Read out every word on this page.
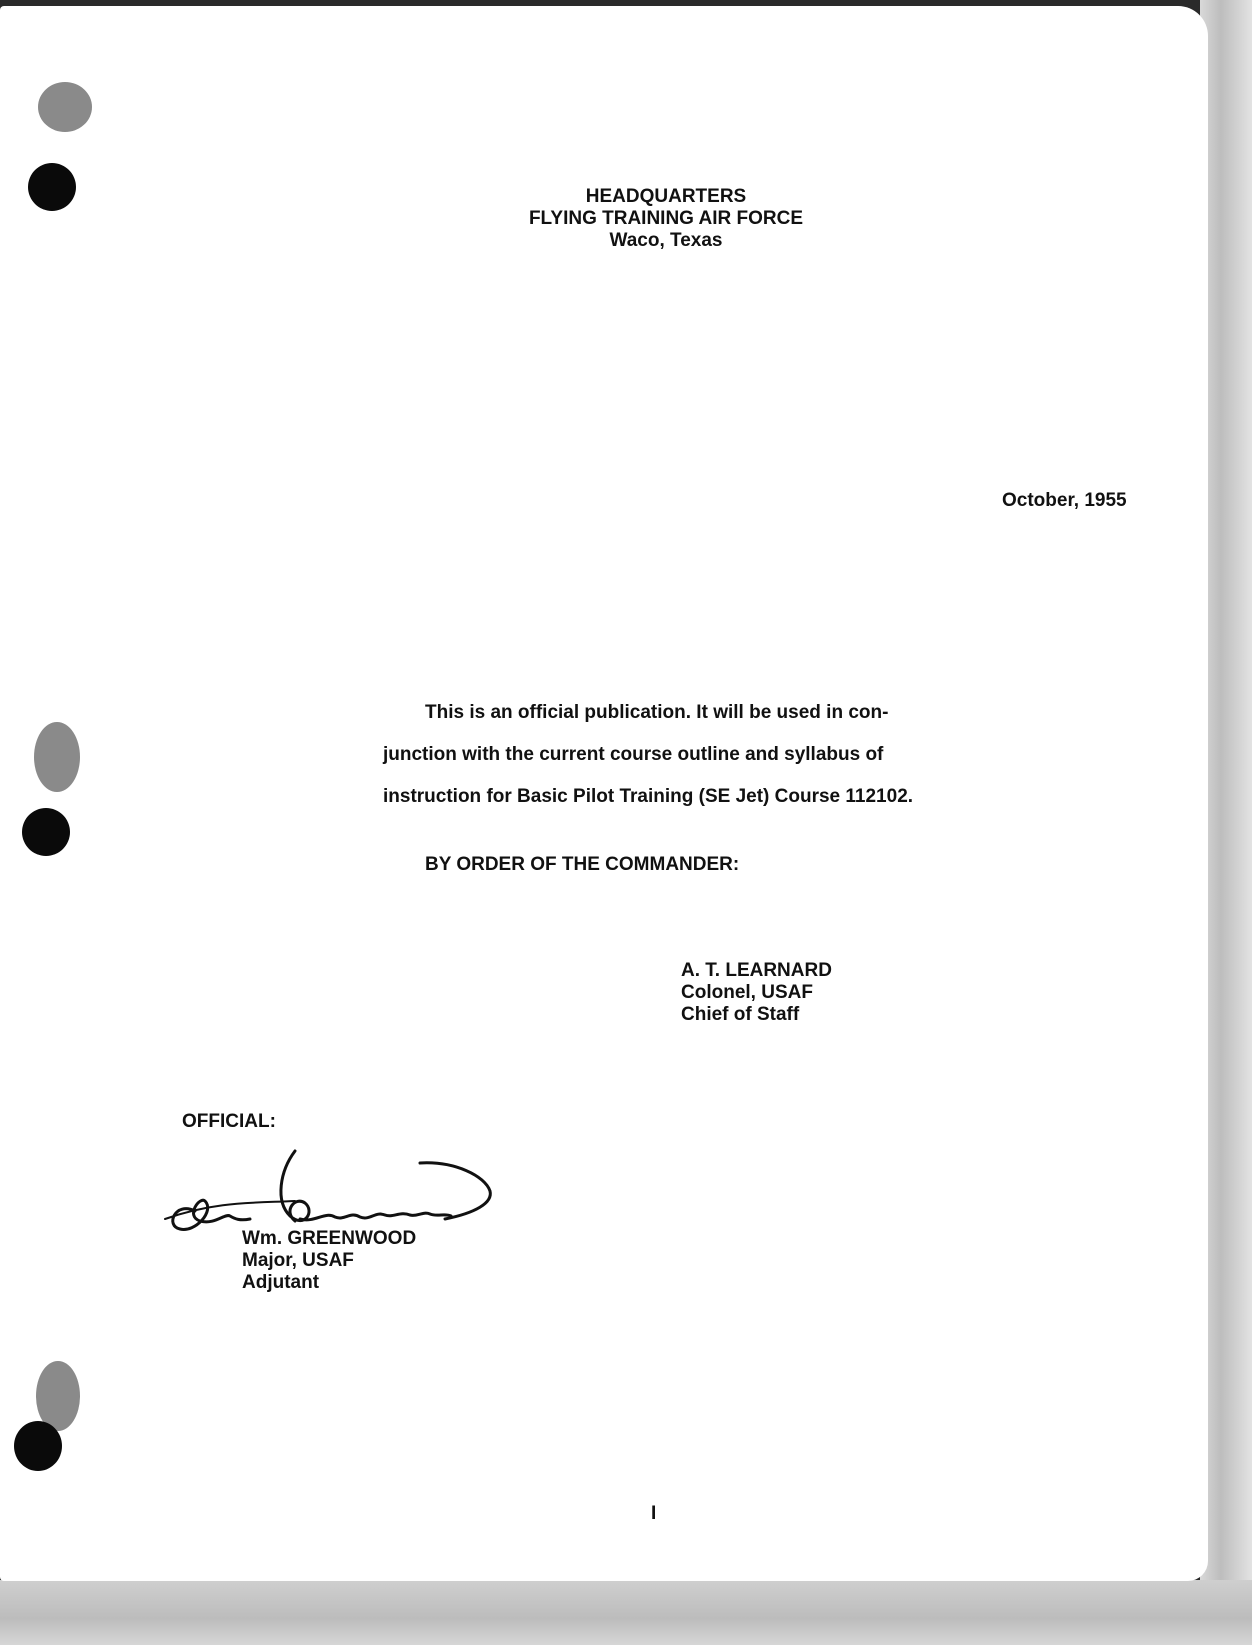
HEADQUARTERS
FLYING TRAINING AIR FORCE
Waco, Texas
October, 1955
This is an official publication. It will be used in con-
junction with the current course outline and syllabus of
instruction for Basic Pilot Training (SE Jet) Course 112102.
BY ORDER OF THE COMMANDER:
A. T. LEARNARD
Colonel, USAF
Chief of Staff
OFFICIAL:
Wm. GREENWOOD
Major, USAF
Adjutant
I
